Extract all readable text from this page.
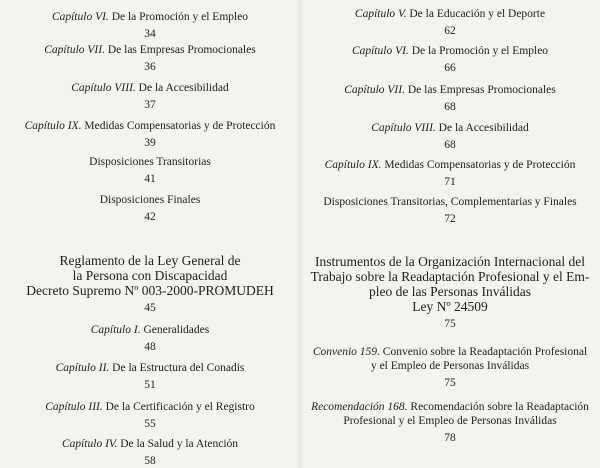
Capítulo VI. De la Promoción y el Empleo
34
Capítulo VII. De las Empresas Promocionales
36
Capítulo VIII. De la Accesibilidad
37
Capítulo IX. Medidas Compensatorias y de Protección
39
Disposiciones Transitorias
41
Disposiciones Finales
42
Reglamento de la Ley General de
la Persona con Discapacidad
Decreto Supremo Nº 003-2000-PROMUDEH
45
Capítulo I. Generalidades
48
Capítulo II. De la Estructura del Conadis
51
Capítulo III. De la Certificación y el Registro
55
Capítulo IV. De la Salud y la Atención
58
Capítulo V. De la Educación y el Deporte
62
Capítulo VI. De la Promoción y el Empleo
66
Capítulo VII. De las Empresas Promocionales
68
Capítulo VIII. De la Accesibilidad
68
Capítulo IX. Medidas Compensatorias y de Protección
71
Disposiciones Transitorias, Complementarias y Finales
72
Instrumentos de la Organización Internacional del
Trabajo sobre la Readaptación Profesional y el Em-
pleo de las Personas Inválidas
Ley Nº 24509
75
Convenio 159. Convenio sobre la Readaptación Profesional
y el Empleo de Personas Inválidas
75
Recomendación 168. Recomendación sobre la Readaptación
Profesional y el Empleo de Personas Inválidas
78
